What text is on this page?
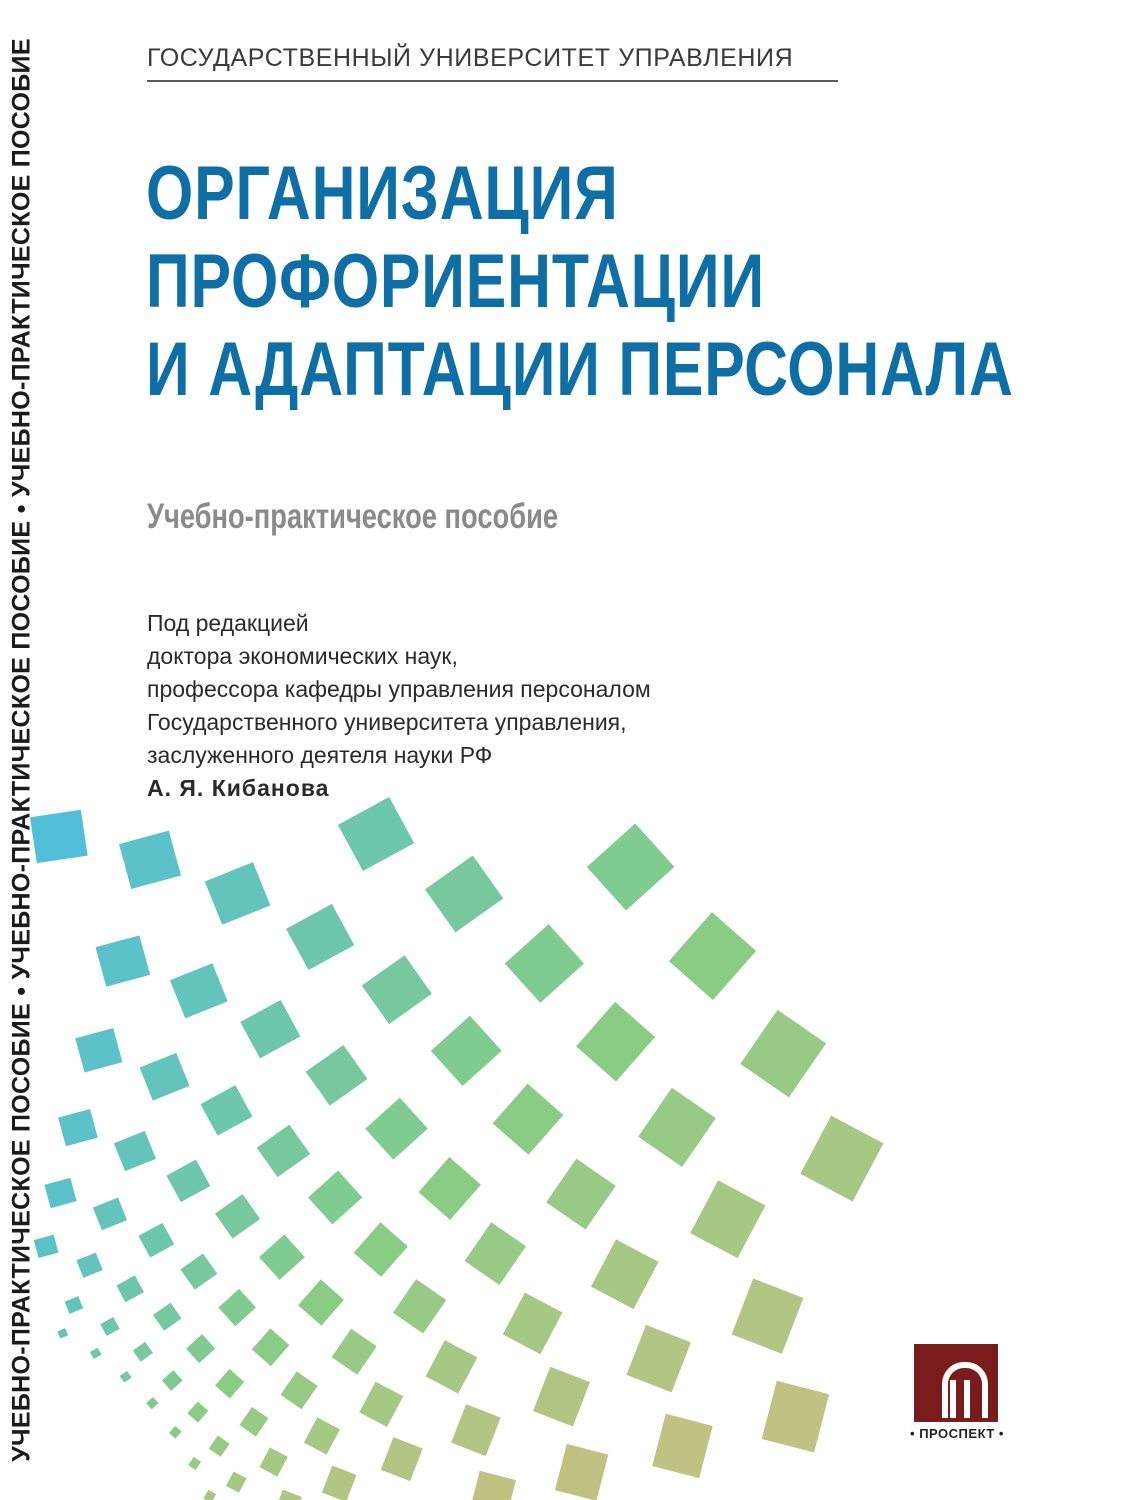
УЧЕБНО-ПРАКТИЧЕСКОЕ ПОСОБИЕ • УЧЕБНО-ПРАКТИЧЕСКОЕ ПОСОБИЕ • УЧЕБНО-ПРАКТИЧЕСКОЕ ПОСОБИЕ	ГОСУДАРСТВЕННЫЙ УНИВЕРСИТЕТ УПРАВЛЕНИЯ
ОРГАНИЗАЦИЯ
ПРОФОРИЕНТАЦИИ
И АДАПТАЦИИ ПЕРСОНАЛА
Учебно-практическое пособие
Под редакцией
доктора экономических наук,
профессора кафедры управления персоналом
Государственного университета управления,
заслуженного деятеля науки РФ
А. Я. Кибанова
• ПРОСПЕКТ •
